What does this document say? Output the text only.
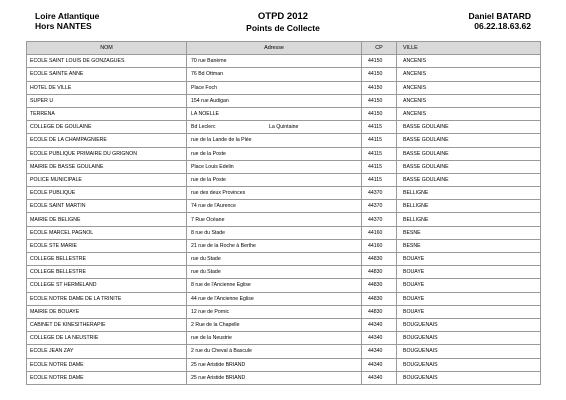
Loire Atlantique
Hors NANTES
OTPD 2012
Points de Collecte
Daniel BATARD
06.22.18.63.62
NOM	Adresse	CP	VILLE
ECOLE SAINT LOUIS DE GONZAGUES	70 rue Banème	44150	ANCENIS
ECOLE SAINTE ANNE	76 Bd Ottman	44150	ANCENIS
HOTEL DE VILLE	Place Foch	44150	ANCENIS
SUPER U	154 rue Audigan	44150	ANCENIS
TERRENA	LA NOELLE	44150	ANCENIS
COLLEGE DE GOULAINE	Bd Leclerc La Quintaine	44115	BASSE GOULAINE
ECOLE DE LA CHAMPAGNIERE	rue de la Lande de la Plée	44115	BASSE GOULAINE
ECOLE PUBLIQUE PRIMAIRE DU GRIGNON	rue de la Poste	44115	BASSE GOULAINE
MAIRIE DE BASSE GOULAINE	Place Louis Edelin	44115	BASSE GOULAINE
POLICE MUNICIPALE	rue de la Poste	44115	BASSE GOULAINE
ECOLE PUBLIQUE	rue des deux Provinces	44370	BELLIGNE
ECOLE SAINT MARTIN	74 rue de l'Aurence	44370	BELLIGNE
MAIRIE DE BELIGNE	7 Rue Océane	44370	BELLIGNE
ECOLE MARCEL PAGNOL	8 rue du Stade	44160	BESNE
ECOLE STE MARIE	21 rue de la Roche à Berthe	44160	BESNE
COLLEGE BELLESTRE	rue du Stade	44830	BOUAYE
COLLEGE BELLESTRE	rue du Stade	44830	BOUAYE
COLLEGE ST HERMELAND	8 rue de l'Ancienne Eglise	44830	BOUAYE
ECOLE NOTRE DAME DE LA TRINITE	44 rue de l'Ancienne Eglise	44830	BOUAYE
MAIRIE DE BOUAYE	12 rue de Pornic	44830	BOUAYE
CABINET DE KINESITHERAPIE	2 Rue de la Chapelle	44340	BOUGUENAIS
COLLEGE DE LA NEUSTRIE	rue de la Neustrie	44340	BOUGUENAIS
ECOLE JEAN ZAY	2 rue du Cheval à Bascule	44340	BOUGUENAIS
ECOLE NOTRE DAME	25 rue Aristide BRIAND	44340	BOUGUENAIS
ECOLE NOTRE DAME	25 rue Aristide BRIAND	44340	BOUGUENAIS
